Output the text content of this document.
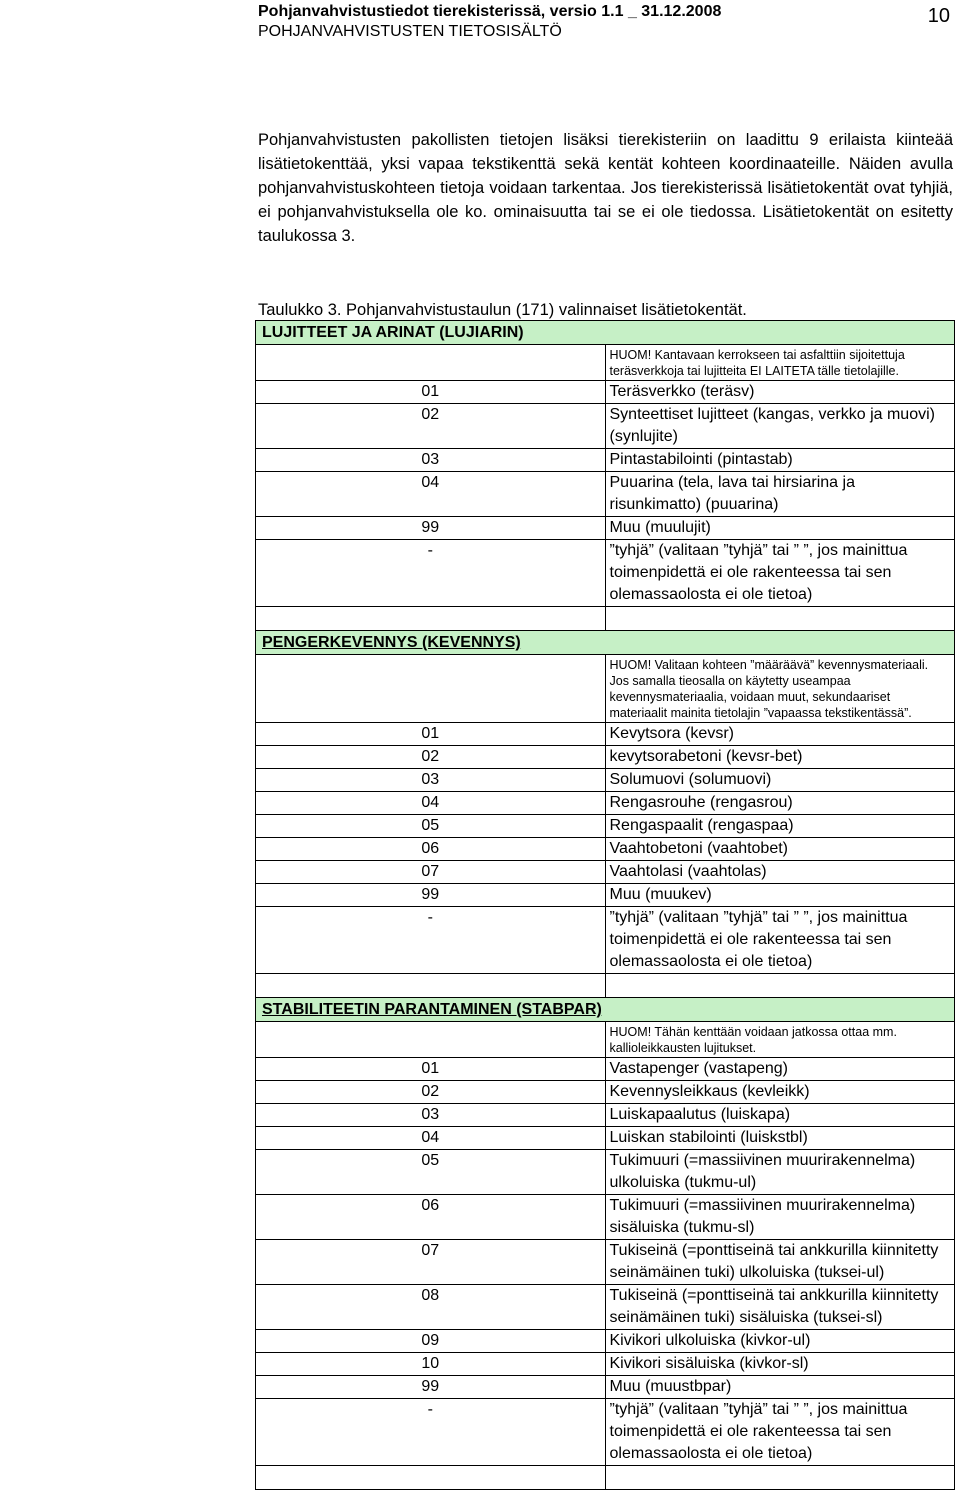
Pohjanvahvistustiedot tierekisterissä, versio 1.1 _ 31.12.2008
POHJANVAHVISTUSTEN TIETOSISÄLTÖ
10
Pohjanvahvistusten pakollisten tietojen lisäksi tierekisteriin on laadittu 9 erilaista kiinteää lisätietokenttää, yksi vapaa tekstikenttä sekä kentät kohteen koordinaateille. Näiden avulla pohjanvahvistuskohteen tietoja voidaan tarkentaa. Jos tierekisterissä lisätietokentät ovat tyhjiä, ei pohjanvahvistuksella ole ko. ominaisuutta tai se ei ole tiedossa. Lisätietokentät on esitetty taulukossa 3.
Taulukko 3. Pohjanvahvistustaulun (171) valinnaiset lisätietokentät.
LUJITTEET JA ARINAT (LUJIARIN)	
	HUOM! Kantavaan kerrokseen tai asfalttiin sijoitettuja teräsverkkoja tai lujitteita EI LAITETA tälle tietolajille.
01	Teräsverkko (teräsv)
02	Synteettiset lujitteet (kangas, verkko ja muovi) (synlujite)
03	Pintastabilointi (pintastab)
04	Puuarina (tela, lava tai hirsiarina ja risunkimatto) (puuarina)
99	Muu (muulujit)
-	”tyhjä” (valitaan ”tyhjä” tai ” ”, jos mainittua toimenpidettä ei ole rakenteessa tai sen olemassaolosta ei ole tietoa)

PENGERKEVENNYS (KEVENNYS)	
	HUOM! Valitaan kohteen ”määräävä” kevennysmateriaali. Jos samalla tieosalla on käytetty useampaa kevennysmateriaalia, voidaan muut, sekundaariset materiaalit mainita tietolajin ”vapaassa tekstikentässä”.
01	Kevytsora (kevsr)
02	kevytsorabetoni (kevsr-bet)
03	Solumuovi (solumuovi)
04	Rengasrouhe (rengasrou)
05	Rengaspaalit (rengaspaa)
06	Vaahtobetoni (vaahtobet)
07	Vaahtolasi (vaahtolas)
99	Muu (muukev)
-	”tyhjä” (valitaan ”tyhjä” tai ” ”, jos mainittua toimenpidettä ei ole rakenteessa tai sen olemassaolosta ei ole tietoa)

STABILITEETIN PARANTAMINEN (STABPAR)	
	HUOM! Tähän kenttään voidaan jatkossa ottaa mm. kallioleikkausten lujitukset.
01	Vastapenger (vastapeng)
02	Kevennysleikkaus (kevleikk)
03	Luiskapaalutus (luiskapa)
04	Luiskan stabilointi (luiskstbl)
05	Tukimuuri (=massiivinen muurirakennelma) ulkoluiska (tukmu-ul)
06	Tukimuuri (=massiivinen muurirakennelma) sisäluiska (tukmu-sl)
07	Tukiseinä (=ponttiseinä tai ankkurilla kiinnitetty seinämäinen tuki) ulkoluiska (tuksei-ul)
08	Tukiseinä (=ponttiseinä tai ankkurilla kiinnitetty seinämäinen tuki) sisäluiska (tuksei-sl)
09	Kivikori ulkoluiska (kivkor-ul)
10	Kivikori sisäluiska (kivkor-sl)
99	Muu (muustbpar)
-	”tyhjä” (valitaan ”tyhjä” tai ” ”, jos mainittua toimenpidettä ei ole rakenteessa tai sen olemassaolosta ei ole tietoa)
